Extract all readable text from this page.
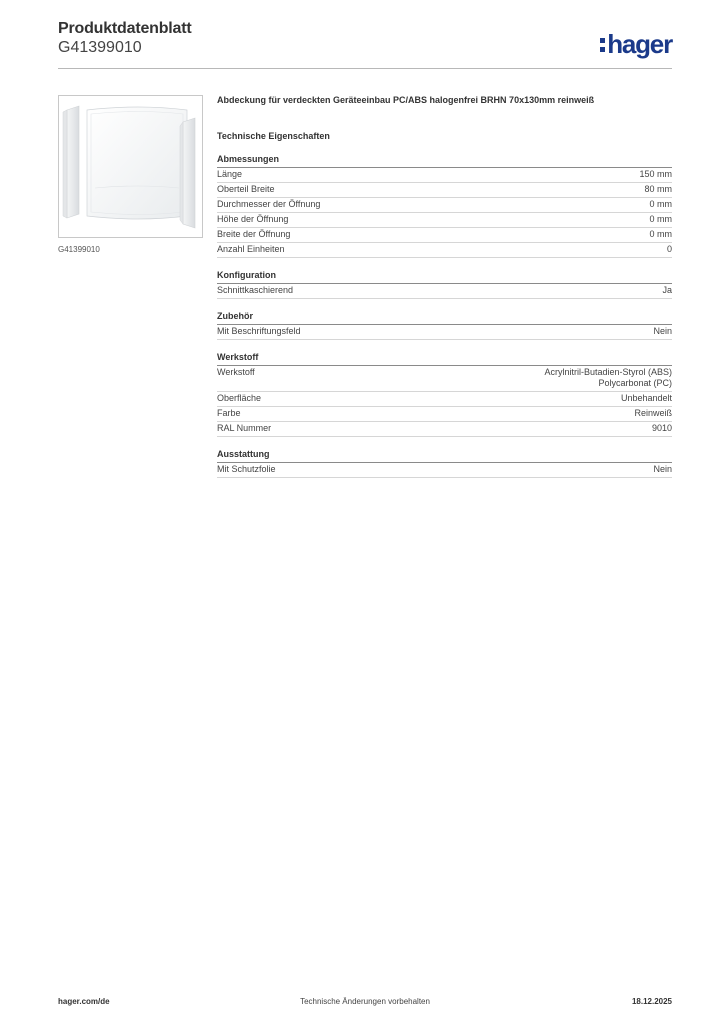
Produktdatenblatt
G41399010	hager
G41399010
Abdeckung für verdeckten Geräteeinbau PC/ABS halogenfrei BRHN 70x130mm reinweiß
Technische Eigenschaften
Abmessungen
Länge	150 mm
Oberteil Breite	80 mm
Durchmesser der Öffnung	0 mm
Höhe der Öffnung	0 mm
Breite der Öffnung	0 mm
Anzahl Einheiten	0
Konfiguration
Schnittkaschierend	Ja
Zubehör
Mit Beschriftungsfeld	Nein
Werkstoff
Werkstoff	Acrylnitril-Butadien-Styrol (ABS)
Polycarbonat (PC)
Oberfläche	Unbehandelt
Farbe	Reinweiß
RAL Nummer	9010
Ausstattung
Mit Schutzfolie	Nein
hager.com/de	Technische Änderungen vorbehalten	18.12.2025
